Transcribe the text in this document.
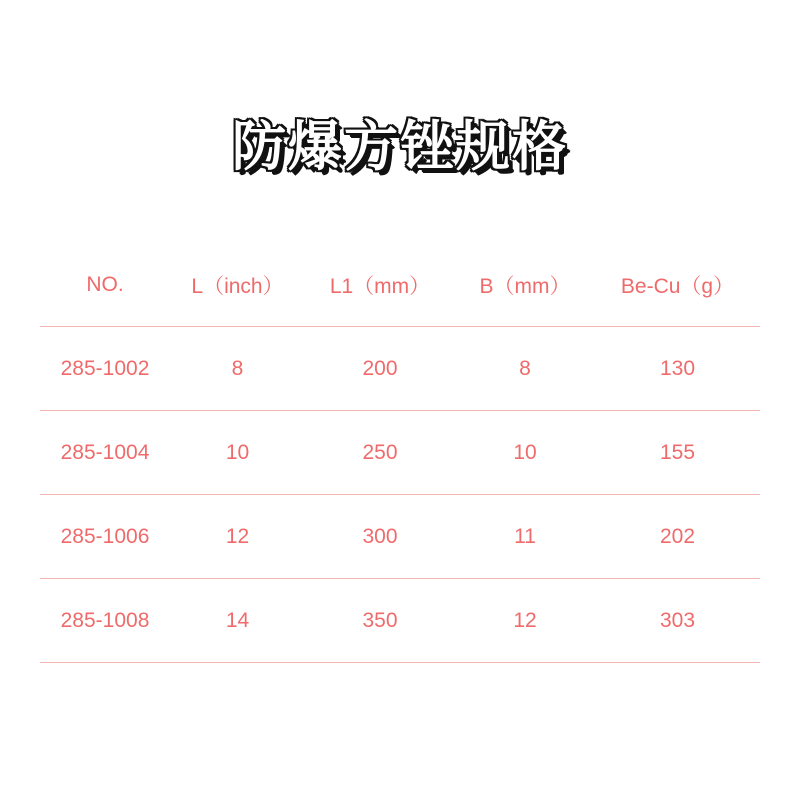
防爆方锉规格
NO.	L（inch）	L1（mm）	B（mm）	Be-Cu（g）
285-1002	8	200	8	130
285-1004	10	250	10	155
285-1006	12	300	11	202
285-1008	14	350	12	303
